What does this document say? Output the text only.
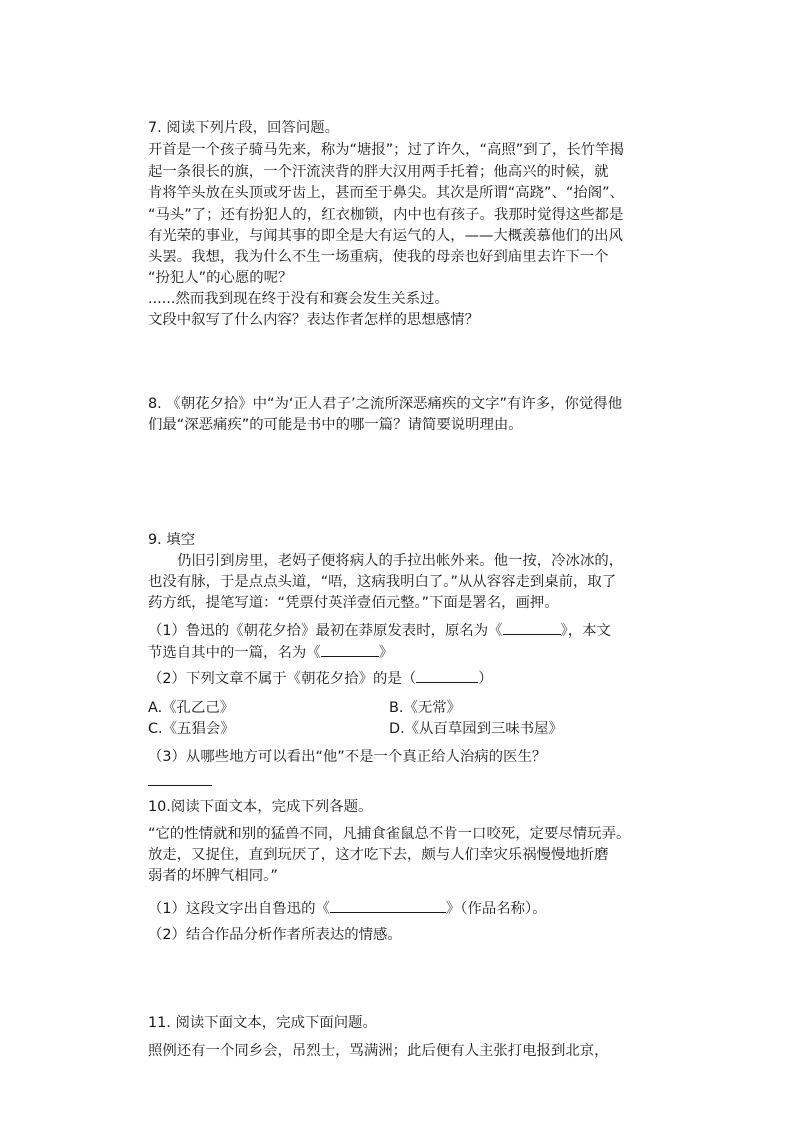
7. 阅读下列片段，回答问题。
开首是一个孩子骑马先来，称为“塘报”；过了许久，“高照”到了，长竹竿揭
起一条很长的旗，一个汗流浃背的胖大汉用两手托着；他高兴的时候，就
肯将竿头放在头顶或牙齿上，甚而至于鼻尖。其次是所谓“高跷”、“抬阁”、
“马头”了；还有扮犯人的，红衣枷锁，内中也有孩子。我那时觉得这些都是
有光荣的事业，与闻其事的即全是大有运气的人，——大概羡慕他们的出风
头罢。我想，我为什么不生一场重病，使我的母亲也好到庙里去许下一个
“扮犯人”的心愿的呢？
......然而我到现在终于没有和赛会发生关系过。
文段中叙写了什么内容？表达作者怎样的思想感情？
8. 《朝花夕拾》中“为‘正人君子’之流所深恶痛疾的文字”有许多，你觉得他
们最“深恶痛疾”的可能是书中的哪一篇？请简要说明理由。
9. 填空
仍旧引到房里，老妈子便将病人的手拉出帐外来。他一按，冷冰冰的，
也没有脉，于是点点头道，“唔，这病我明白了。”从从容容走到桌前，取了
药方纸，提笔写道：“凭票付英洋壹佰元整。”下面是署名，画押。
（1）鲁迅的《朝花夕拾》最初在莽原发表时，原名为《	》，本文
节选自其中的一篇，名为《	》
（2）下列文章不属于《朝花夕拾》的是（	）
A.《孔乙己》	B.《无常》
C.《五猖会》	D.《从百草园到三味书屋》
（3）从哪些地方可以看出“他”不是一个真正给人治病的医生？
10.阅读下面文本，完成下列各题。
“它的性情就和别的猛兽不同，凡捕食雀鼠总不肯一口咬死，定要尽情玩弄。
放走，又捉住，直到玩厌了，这才吃下去，颇与人们幸灾乐祸慢慢地折磨
弱者的坏脾气相同。”
（1）这段文字出自鲁迅的《	》（作品名称）。
（2）结合作品分析作者所表达的情感。
11. 阅读下面文本，完成下面问题。
照例还有一个同乡会，吊烈士，骂满洲；此后便有人主张打电报到北京，
